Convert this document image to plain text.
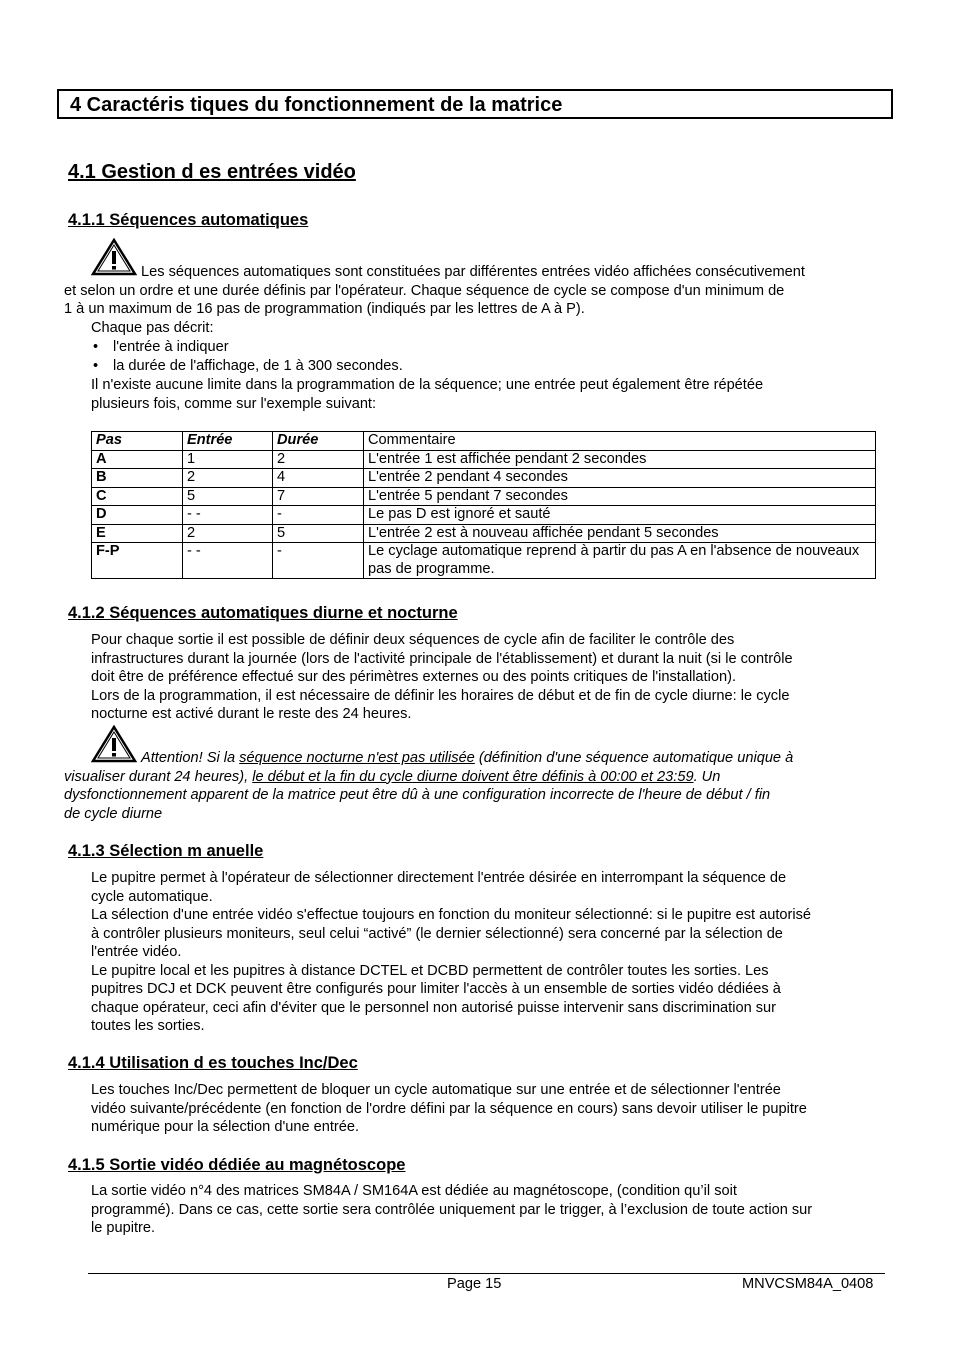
4 Caractéris tiques du fonctionnement de la matrice
4.1 Gestion d es entrées vidéo
4.1.1 Séquences automatiques
Les séquences automatiques sont constituées par différentes entrées vidéo affichées consécutivement
et selon un ordre et une durée définis par l'opérateur. Chaque séquence de cycle se compose d'un minimum de
1 à un maximum de 16 pas de programmation (indiqués par les lettres de A à P).
Chaque pas décrit:
• l'entrée à indiquer
• la durée de l'affichage, de 1 à 300 secondes.
Il n'existe aucune limite dans la programmation de la séquence; une entrée peut également être répétée
plusieurs fois, comme sur l'exemple suivant:
Pas	Entrée	Durée	Commentaire
A	1	2	L'entrée 1 est affichée pendant 2 secondes
B	2	4	L'entrée 2 pendant 4 secondes
C	5	7	L'entrée 5 pendant 7 secondes
D	- -	-	Le pas D est ignoré et sauté
E	2	5	L'entrée 2 est à nouveau affichée pendant 5 secondes
F-P	- -	-	Le cyclage automatique reprend à partir du pas A en l'absence de nouveaux pas de programme.
4.1.2 Séquences automatiques diurne et nocturne
Pour chaque sortie il est possible de définir deux séquences de cycle afin de faciliter le contrôle des
infrastructures durant la journée (lors de l'activité principale de l'établissement) et durant la nuit (si le contrôle
doit être de préférence effectué sur des périmètres externes ou des points critiques de l'installation).
Lors de la programmation, il est nécessaire de définir les horaires de début et de fin de cycle diurne: le cycle
nocturne est activé durant le reste des 24 heures.
Attention! Si la séquence nocturne n'est pas utilisée (définition d'une séquence automatique unique à
visualiser durant 24 heures), le début et la fin du cycle diurne doivent être définis à 00:00 et 23:59. Un
dysfonctionnement apparent de la matrice peut être dû à une configuration incorrecte de l'heure de début / fin
de cycle diurne
4.1.3 Sélection m anuelle
Le pupitre permet à l'opérateur de sélectionner directement l'entrée désirée en interrompant la séquence de
cycle automatique.
La sélection d'une entrée vidéo s'effectue toujours en fonction du moniteur sélectionné: si le pupitre est autorisé
à contrôler plusieurs moniteurs, seul celui “activé” (le dernier sélectionné) sera concerné par la sélection de
l'entrée vidéo.
Le pupitre local et les pupitres à distance DCTEL et DCBD permettent de contrôler toutes les sorties. Les
pupitres DCJ et DCK peuvent être configurés pour limiter l'accès à un ensemble de sorties vidéo dédiées à
chaque opérateur, ceci afin d'éviter que le personnel non autorisé puisse intervenir sans discrimination sur
toutes les sorties.
4.1.4 Utilisation d es touches Inc/Dec
Les touches Inc/Dec permettent de bloquer un cycle automatique sur une entrée et de sélectionner l'entrée
vidéo suivante/précédente (en fonction de l'ordre défini par la séquence en cours) sans devoir utiliser le pupitre
numérique pour la sélection d'une entrée.
4.1.5 Sortie vidéo dédiée au magnétoscope
La sortie vidéo n°4 des matrices SM84A / SM164A est dédiée au magnétoscope, (condition qu’il soit
programmé). Dans ce cas, cette sortie sera contrôlée uniquement par le trigger, à l’exclusion de toute action sur
le pupitre.
Page 15	MNVCSM84A_0408
